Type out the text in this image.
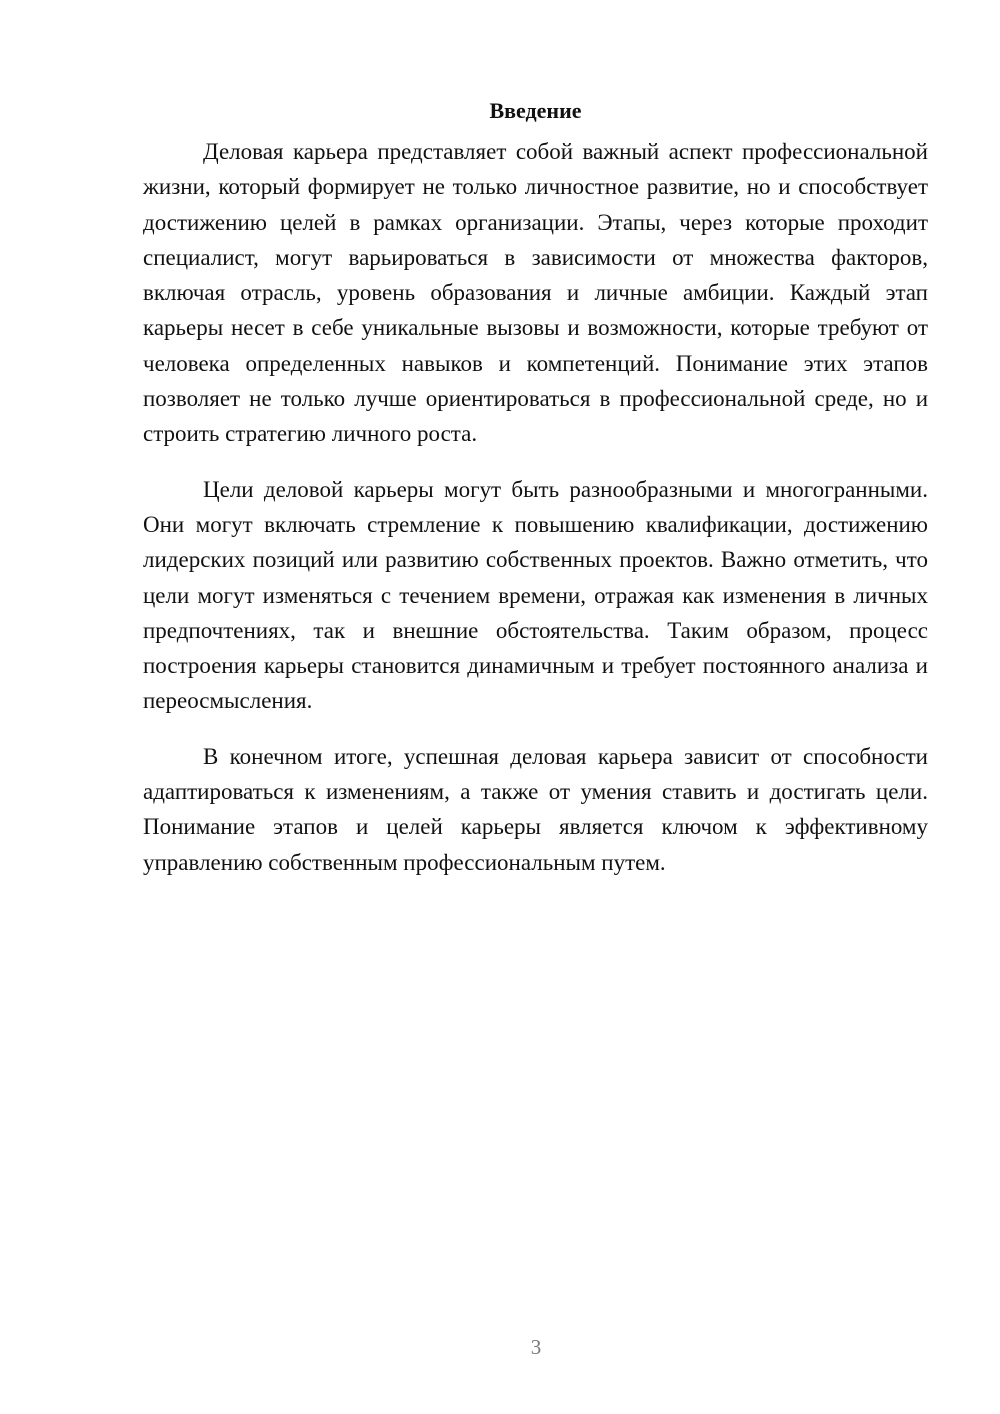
Введение

Деловая карьера представляет собой важный аспект профессиональной жизни, который формирует не только личностное развитие, но и способствует достижению целей в рамках организации. Этапы, через которые проходит специалист, могут варьироваться в зависимости от множества факторов, включая отрасль, уровень образования и личные амбиции. Каждый этап карьеры несет в себе уникальные вызовы и возможности, которые требуют от человека определенных навыков и компетенций. Понимание этих этапов позволяет не только лучше ориентироваться в профессиональной среде, но и строить стратегию личного роста.

Цели деловой карьеры могут быть разнообразными и многогранными. Они могут включать стремление к повышению квалификации, достижению лидерских позиций или развитию собственных проектов. Важно отметить, что цели могут изменяться с течением времени, отражая как изменения в личных предпочтениях, так и внешние обстоятельства. Таким образом, процесс построения карьеры становится динамичным и требует постоянного анализа и переосмысления.

В конечном итоге, успешная деловая карьера зависит от способности адаптироваться к изменениям, а также от умения ставить и достигать цели. Понимание этапов и целей карьеры является ключом к эффективному управлению собственным профессиональным путем.

3
